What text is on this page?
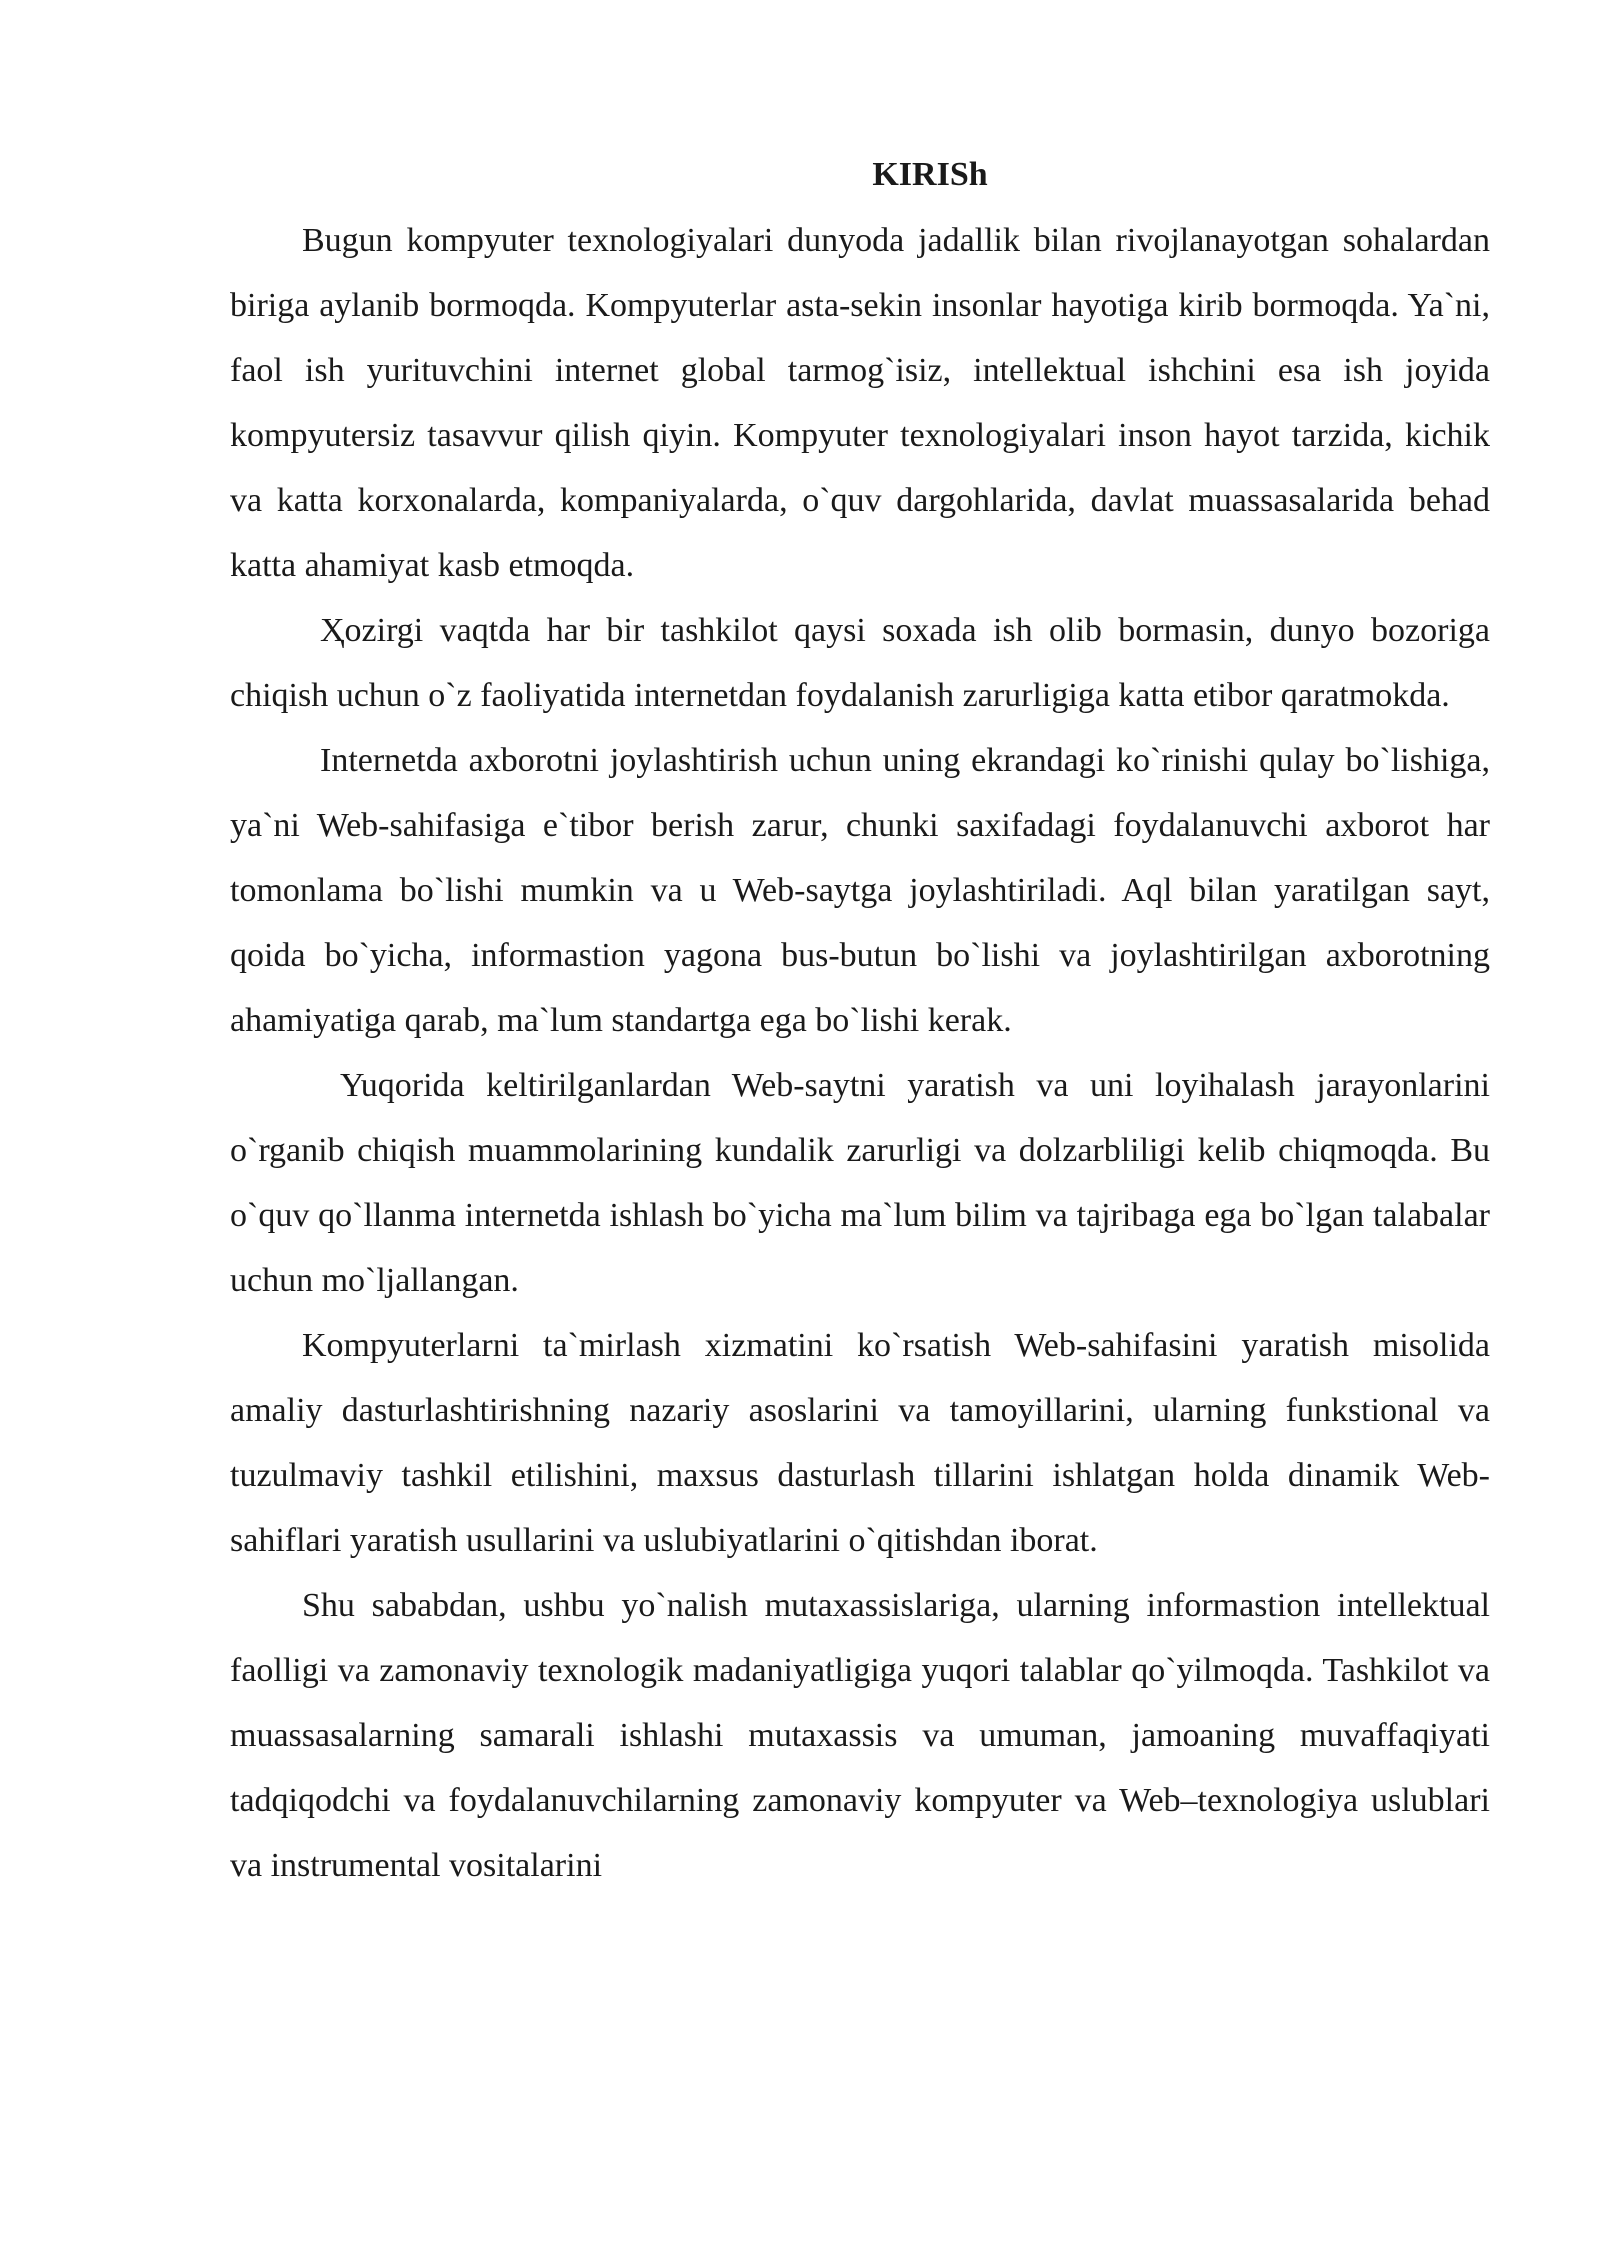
KIRISh

Bugun kompyuter texnologiyalari dunyoda jadallik bilan rivojlanayotgan sohalardan biriga aylanib bormoqda. Kompyuterlar asta-sekin insonlar hayotiga kirib bormoqda. Ya`ni, faol ish yurituvchini internet global tarmog`isiz, intellektual ishchini esa ish joyida kompyutersiz tasavvur qilish qiyin. Kompyuter texnologiyalari inson hayot tarzida, kichik va katta korxonalarda, kompaniyalarda, o`quv dargohlarida, davlat muassasalarida behad katta ahamiyat kasb etmoqda.

Ҳozirgi vaqtda har bir tashkilot qaysi soxada ish olib bormasin, dunyo bozoriga chiqish uchun o`z faoliyatida internetdan foydalanish zarurligiga katta etibor qaratmokda.

Internetda axborotni joylashtirish uchun uning ekrandagi ko`rinishi qulay bo`lishiga, ya`ni Web-sahifasiga e`tibor berish zarur, chunki saxifadagi foydalanuvchi axborot har tomonlama bo`lishi mumkin va u Web-saytga joylashtiriladi. Aql bilan yaratilgan sayt, qoida bo`yicha, informastion yagona bus-butun bo`lishi va joylashtirilgan axborotning ahamiyatiga qarab, ma`lum standartga ega bo`lishi kerak.

Yuqorida keltirilganlardan Web-saytni yaratish va uni loyihalash jarayonlarini o`rganib chiqish muammolarining kundalik zarurligi va dolzarbliligi kelib chiqmoqda. Bu o`quv qo`llanma internetda ishlash bo`yicha ma`lum bilim va tajribaga ega bo`lgan talabalar uchun mo`ljallangan.

Kompyuterlarni ta`mirlash xizmatini ko`rsatish Web-sahifasini yaratish misolida amaliy dasturlashtirishning nazariy asoslarini va tamoyillarini, ularning funkstional va tuzulmaviy tashkil etilishini, maxsus dasturlash tillarini ishlatgan holda dinamik Web-sahiflari yaratish usullarini va uslubiyatlarini o`qitishdan iborat.

Shu sababdan, ushbu yo`nalish mutaxassislariga, ularning informastion intellektual faolligi va zamonaviy texnologik madaniyatligiga yuqori talablar qo`yilmoqda. Tashkilot va muassasalarning samarali ishlashi mutaxassis va umuman, jamoaning muvaffaqiyati tadqiqodchi va foydalanuvchilarning zamonaviy kompyuter va Web–texnologiya uslublari va instrumental vositalarini
